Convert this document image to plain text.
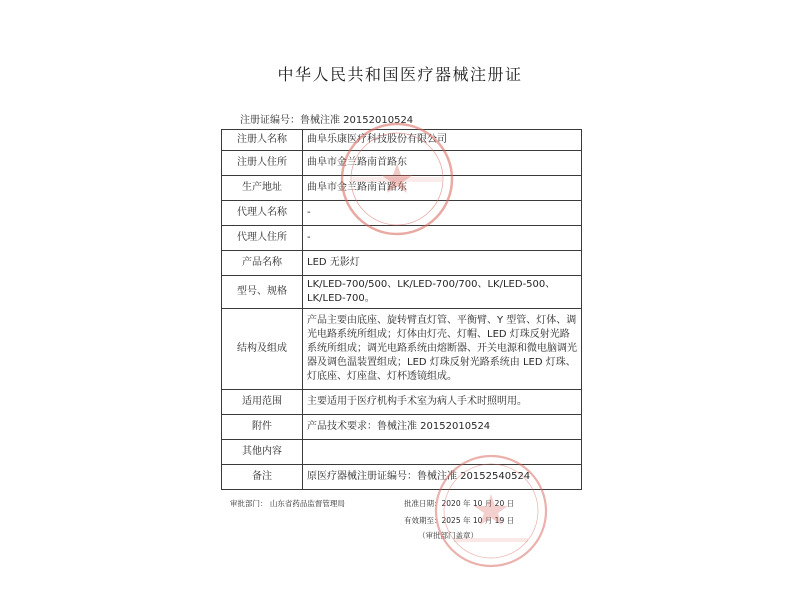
中华人民共和国医疗器械注册证
注册证编号：鲁械注准 20152010524
注册人名称	曲阜乐康医疗科技股份有限公司
注册人住所	曲阜市金兰路南首路东
生产地址	曲阜市金兰路南首路东
代理人名称	-
代理人住所	-
产品名称	LED 无影灯
型号、规格	LK/LED-700/500、LK/LED-700/700、LK/LED-500、LK/LED-700。
结构及组成	产品主要由底座、旋转臂直灯管、平衡臂、Y 型管、灯体、调光电路系统所组成；灯体由灯壳、灯帽、LED 灯珠反射光路系统所组成；调光电路系统由熔断器、开关电源和微电脑调光器及调色温装置组成；LED 灯珠反射光路系统由 LED 灯珠、灯底座、灯座盘、灯杯透镜组成。
适用范围	主要适用于医疗机构手术室为病人手术时照明用。
附件	产品技术要求：鲁械注准 20152010524
其他内容	
备注	原医疗器械注册证编号：鲁械注准 20152540524
审批部门： 山东省药品监督管理局	批准日期：2020 年 10 月 20 日
有效期至：2025 年 10 月 19 日
（审批部门盖章）
